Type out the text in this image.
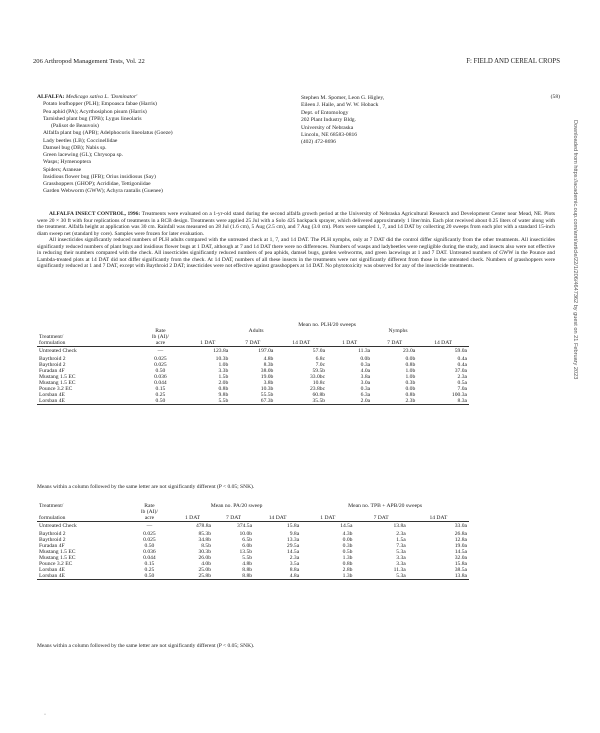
206 Arthropod Management Tests, Vol. 22	F: FIELD AND CEREAL CROPS
Downloaded from https://academic.oup.com/amt/article/22/1/206/4647362 by guest on 21 February 2023
ALFALFA: Medicago sativa L. 'Dominator'
Potato leafhopper (PLH); Empoasca fabae (Harris)
Pea aphid (PA); Acyrthosiphon pisum (Harris)
Tarnished plant bug (TPB); Lygus lineolaris
(Palisot de Beauvois)
Alfalfa plant bug (APB); Adelphocoris lineolatus (Goeze)
Lady beetles (LB); Coccinellidae
Damsel bug (DB); Nabis sp.
Green lacewing (GL); Chrysopa sp.
Wasps; Hymenoptera
Spiders; Araneae
Insidious flower bug (IFB); Orius insidiosus (Say)
Grasshoppers (GHOP); Acrididae, Tettigoniidae
Garden Webworm (GWW); Achyra rantalis (Guenee)
Stephen M. Spomer, Leon G. Higley,
Eileen J. Haile, and W. W. Hoback
Dept. of Entomology
202 Plant Industry Bldg.
University of Nebraska
Lincoln, NE 68583-0816
(402) 472-8696
(58)

ALFALFA INSECT CONTROL, 1996: Treatments were evaluated on a 1-yr-old stand during the second alfalfa growth period at the University of Nebraska Agricultural Research and Development Center near Mead, NE. Plots were 20 × 30 ft with four replications of treatments in a RCB design. Treatments were applied 25 Jul with a Solo 425 backpack sprayer, which delivered approximately 1 liter/min. Each plot received about 0.25 liters of water along with the treatment. Alfalfa height at application was 30 cm. Rainfall was measured on 28 Jul (1.6 cm), 5 Aug (2.5 cm), and 7 Aug (3.0 cm). Plots were sampled 1, 7, and 14 DAT by collecting 20 sweeps from each plot with a standard 15-inch diam sweep net (standard by core). Samples were frozen for later evaluation.

All insecticides significantly reduced numbers of PLH adults compared with the untreated check at 1, 7, and 14 DAT. The PLH nymphs, only at 7 DAT did the control differ significantly from the other treatments. All insecticides significantly reduced numbers of plant bugs and insidious flower bugs at 1 DAT, although at 7 and 14 DAT there were no differences. Numbers of wasps and ladybeetles were negligible during the study, and insects also were not effective in reducing their numbers compared with the check. All insecticides significantly reduced numbers of pea aphids, damsel bugs, garden webworms, and green lacewings at 1 and 7 DAT. Untreated numbers of GWW in the Pounce and Lambda-treated plots at 14 DAT did not differ significantly from the check. At 14 DAT, numbers of all these insects in the treatments were not significantly different from those in the untreated check. Numbers of grasshoppers were significantly reduced at 1 and 7 DAT, except with Baythroid 2 DAT; insecticides were not effective against grasshoppers at 14 DAT. No phytotoxicity was observed for any of the insecticide treatments.

		Mean no. PLH/20 sweeps					
	Rate	Adults			Nymphs		
Treatment/	lb (AI)/						
formulation	acre	1 DAT	7 DAT	14 DAT	1 DAT	7 DAT	14 DAT
Untreated Check	—	123.8a	197.0a	57.0a	11.3a	23.0a	59.0a
Baythroid 2	0.025	10.3b	4.8b	6.8c	0.0b	0.0b	0.4a
Baythroid 2	0.025	1.0b	8.3b	7.0c	0.3a	0.8b	0.4a
Furadan 4F	0.50	3.3b	38.0b	59.5b	4.0a	1.0b	37.0a
Mustang 1.5 EC	0.036	1.5b	19.0b	33.0bc	3.8a	1.0b	2.3a
Mustang 1.5 EC	0.044	2.0b	3.8b	10.8c	3.0a	0.3b	0.5a
Pounce 3.2 EC	0.15	0.8b	10.3b	23.8bc	0.3a	0.0b	7.0a
Lorsban 4E	0.25	9.8b	55.5b	60.8b	6.3a	0.8b	100.3a
Lorsban 4E	0.50	5.5b	67.3b	35.5b	2.0a	2.3b	8.3a
Means within a column followed by the same letter are not significantly different (P < 0.05; SNK).
Treatment/	Rate	Mean no. PA/20 sweep			Mean no. TPB + APB/20 sweeps		
	lb (AI)/						
formulation	acre	1 DAT	7 DAT	14 DAT	1 DAT	7 DAT	14 DAT
Untreated Check	—	478.8a	374.5a	15.8a	14.5a	13.8a	33.0a
Baythroid 2	0.025	85.3b	10.0b	9.8a	4.3b	2.3a	26.8a
Baythroid 2	0.025	34.8b	6.5b	13.3a	0.0b	1.5a	12.8a
Furadan 4F	0.50	8.5b	6.0b	29.5a	0.3b	7.3a	19.0a
Mustang 1.5 EC	0.036	30.3b	13.5b	14.5a	0.5b	5.3a	14.5a
Mustang 1.5 EC	0.044	26.0b	5.5b	2.3a	1.3b	3.3a	32.0a
Pounce 3.2 EC	0.15	4.0b	4.8b	3.5a	0.8b	3.3a	15.8a
Lorsban 4E	0.25	25.0b	8.8b	8.8a	2.8b	11.3a	38.5a
Lorsban 4E	0.50	25.8b	8.8b	4.8a	1.3b	5.3a	13.8a
Means within a column followed by the same letter are not significantly different (P < 0.05; SNK).
·
